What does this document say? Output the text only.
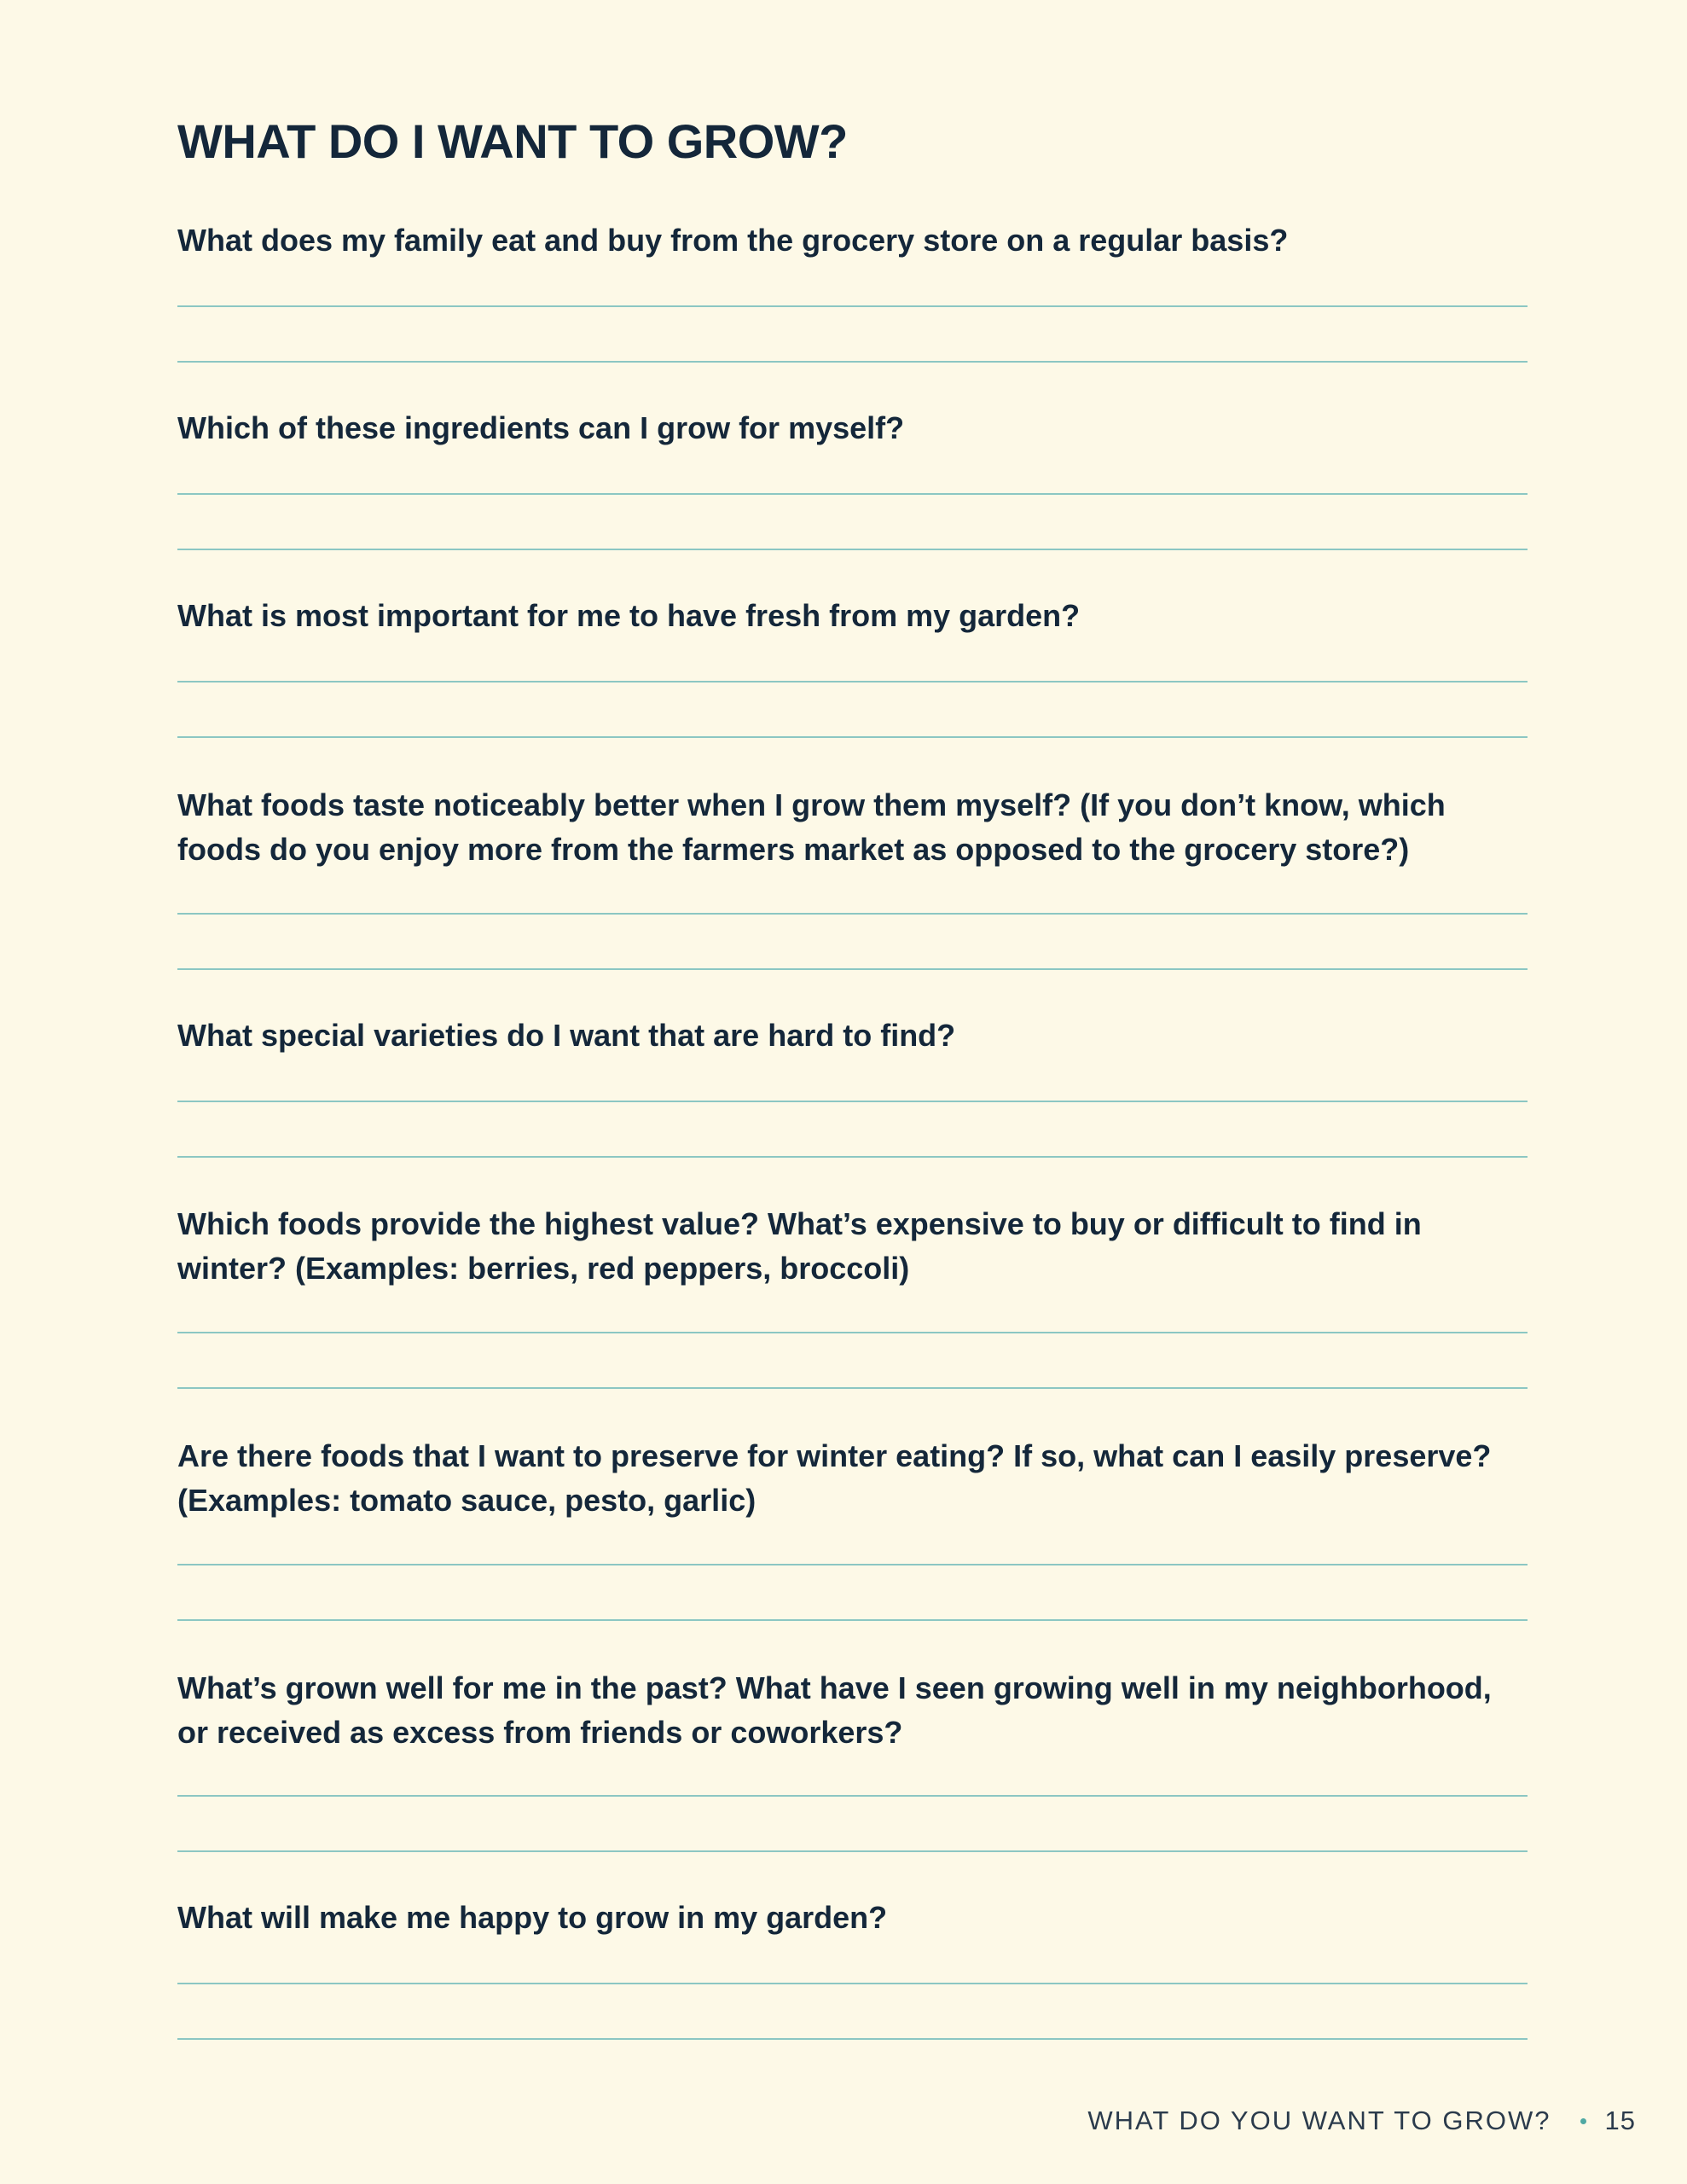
WHAT DO I WANT TO GROW?

What does my family eat and buy from the grocery store on a regular basis?

Which of these ingredients can I grow for myself?

What is most important for me to have fresh from my garden?

What foods taste noticeably better when I grow them myself? (If you don’t know, which foods do you enjoy more from the farmers market as opposed to the grocery store?)

What special varieties do I want that are hard to find?

Which foods provide the highest value? What’s expensive to buy or difficult to find in winter? (Examples: berries, red peppers, broccoli)

Are there foods that I want to preserve for winter eating? If so, what can I easily preserve? (Examples: tomato sauce, pesto, garlic)

What’s grown well for me in the past? What have I seen growing well in my neighborhood, or received as excess from friends or coworkers?

What will make me happy to grow in my garden?

WHAT DO YOU WANT TO GROW? 15
